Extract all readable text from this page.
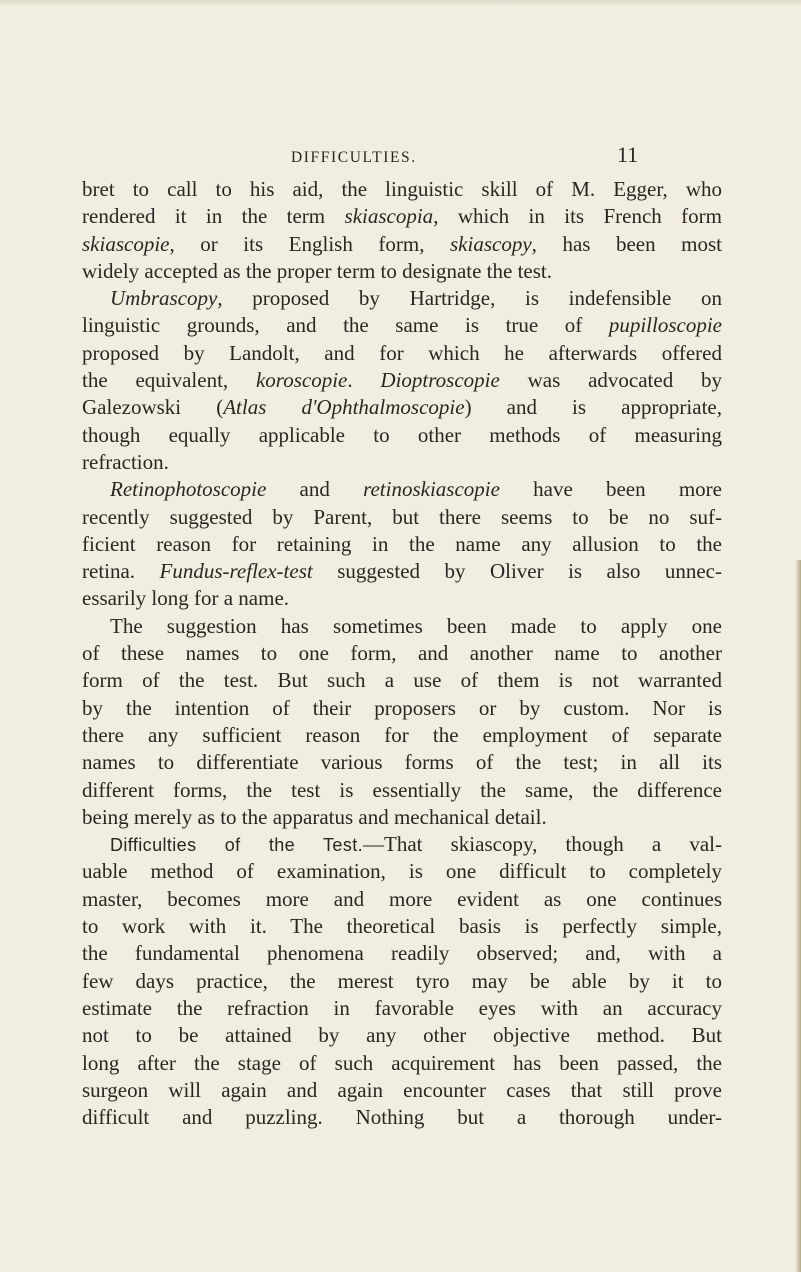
DIFFICULTIES.	11
bret to call to his aid, the linguistic skill of M. Egger, who
rendered it in the term skiascopia, which in its French form
skiascopie, or its English form, skiascopy, has been most
widely accepted as the proper term to designate the test.
Umbrascopy, proposed by Hartridge, is indefensible on
linguistic grounds, and the same is true of pupilloscopie
proposed by Landolt, and for which he afterwards offered
the equivalent, koroscopie. Dioptroscopie was advocated by
Galezowski (Atlas d'Ophthalmoscopie) and is appropriate,
though equally applicable to other methods of measuring
refraction.
Retinophotoscopie and retinoskiascopie have been more
recently suggested by Parent, but there seems to be no suf-
ficient reason for retaining in the name any allusion to the
retina. Fundus-reflex-test suggested by Oliver is also unnec-
essarily long for a name.
The suggestion has sometimes been made to apply one
of these names to one form, and another name to another
form of the test. But such a use of them is not warranted
by the intention of their proposers or by custom. Nor is
there any sufficient reason for the employment of separate
names to differentiate various forms of the test; in all its
different forms, the test is essentially the same, the difference
being merely as to the apparatus and mechanical detail.
Difficulties of the Test.—That skiascopy, though a val-
uable method of examination, is one difficult to completely
master, becomes more and more evident as one continues
to work with it. The theoretical basis is perfectly simple,
the fundamental phenomena readily observed; and, with a
few days practice, the merest tyro may be able by it to
estimate the refraction in favorable eyes with an accuracy
not to be attained by any other objective method. But
long after the stage of such acquirement has been passed, the
surgeon will again and again encounter cases that still prove
difficult and puzzling. Nothing but a thorough under-
